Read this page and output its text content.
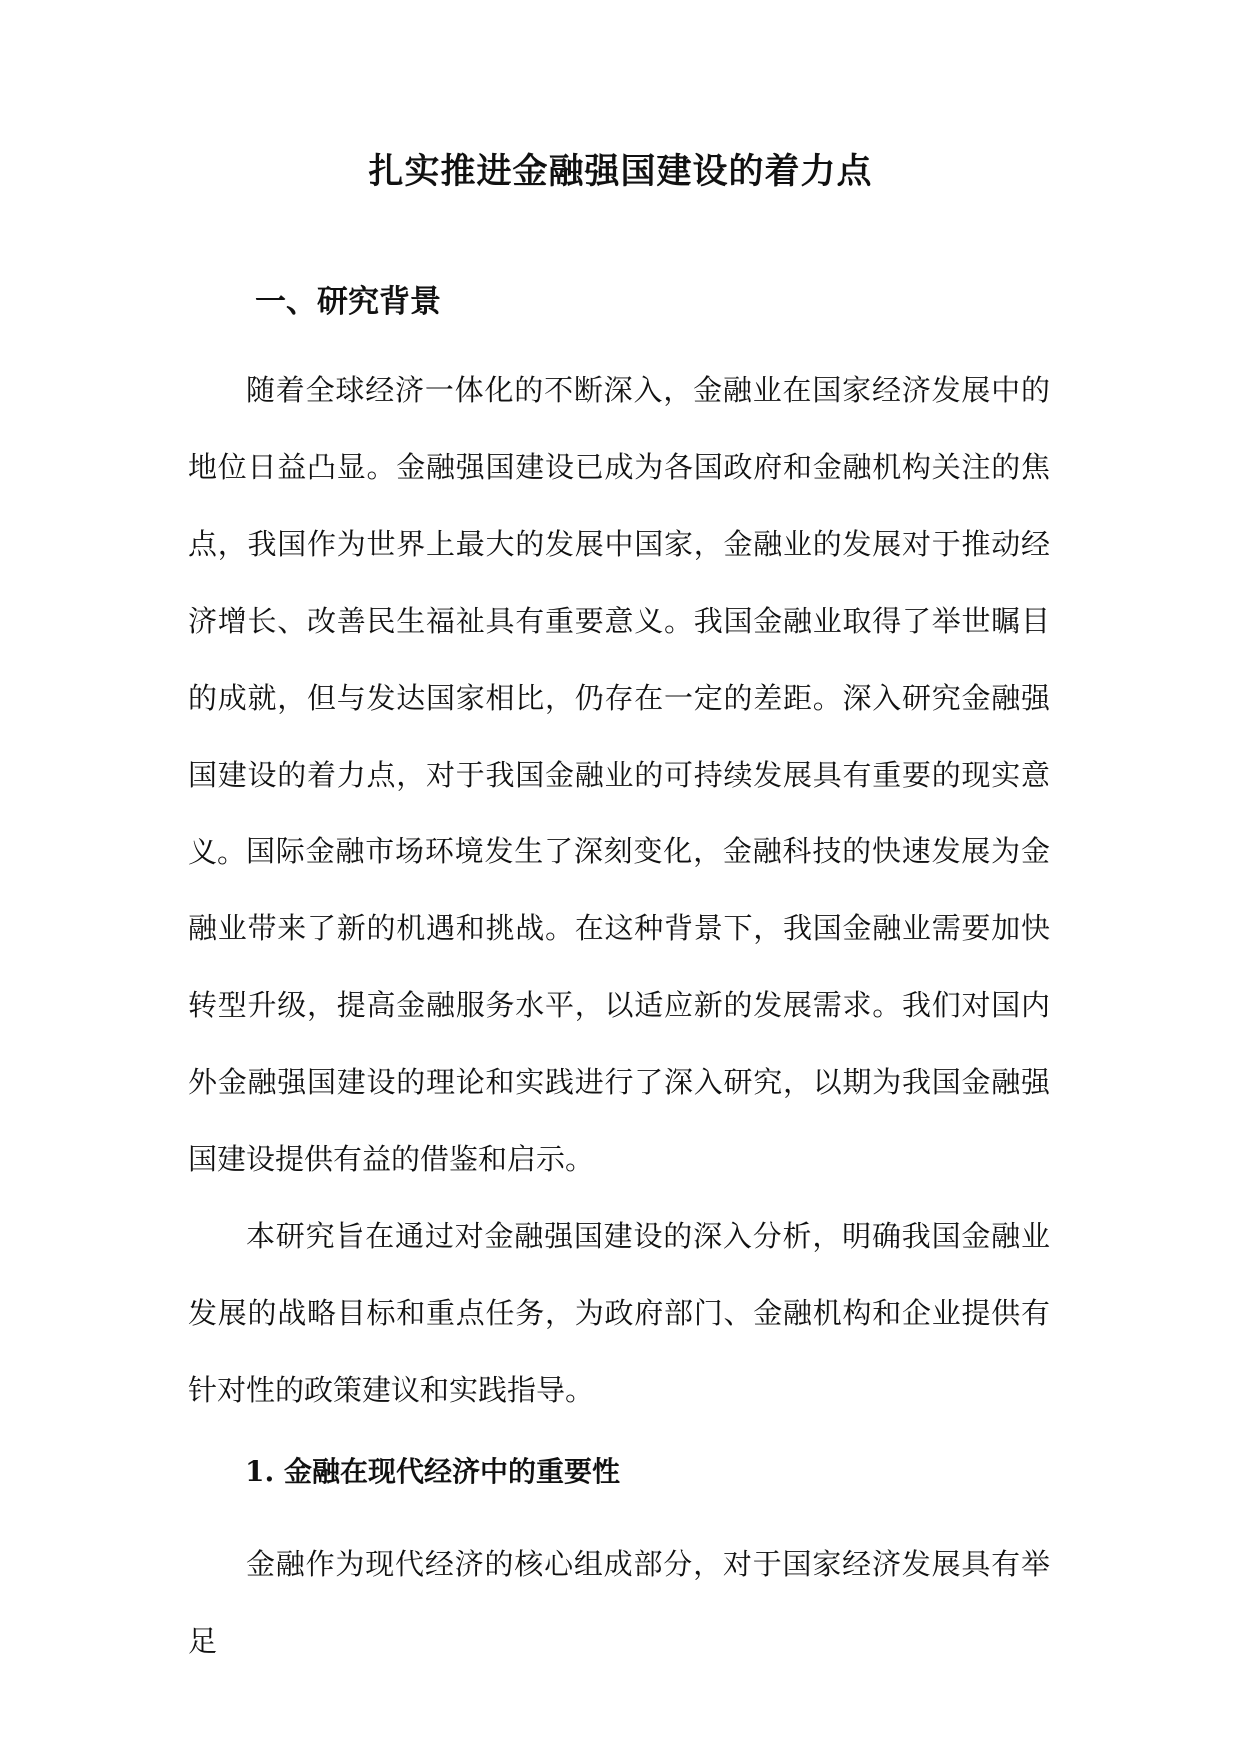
扎实推进金融强国建设的着力点
一、研究背景

随着全球经济一体化的不断深入，金融业在国家经济发展中的地位日益凸显。金融强国建设已成为各国政府和金融机构关注的焦点，我国作为世界上最大的发展中国家，金融业的发展对于推动经济增长、改善民生福祉具有重要意义。我国金融业取得了举世瞩目的成就，但与发达国家相比，仍存在一定的差距。深入研究金融强国建设的着力点，对于我国金融业的可持续发展具有重要的现实意义。 国际金融市场环境发生了深刻变化，金融科技的快速发展为金融业带来了新的机遇和挑战。在这种背景下，我国金融业需要加快转型升级，提高金融服务水平，以适应新的发展需求。我们对国内外金融强国建设的理论和实践进行了深入研究，以期为我国金融强国建设提供有益的借鉴和启示。

本研究旨在通过对金融强国建设的深入分析，明确我国金融业发展的战略目标和重点任务，为政府部门、金融机构和企业提供有针对性的政策建议和实践指导。

1. 金融在现代经济中的重要性

金融作为现代经济的核心组成部分，对于国家经济发展具有举足
